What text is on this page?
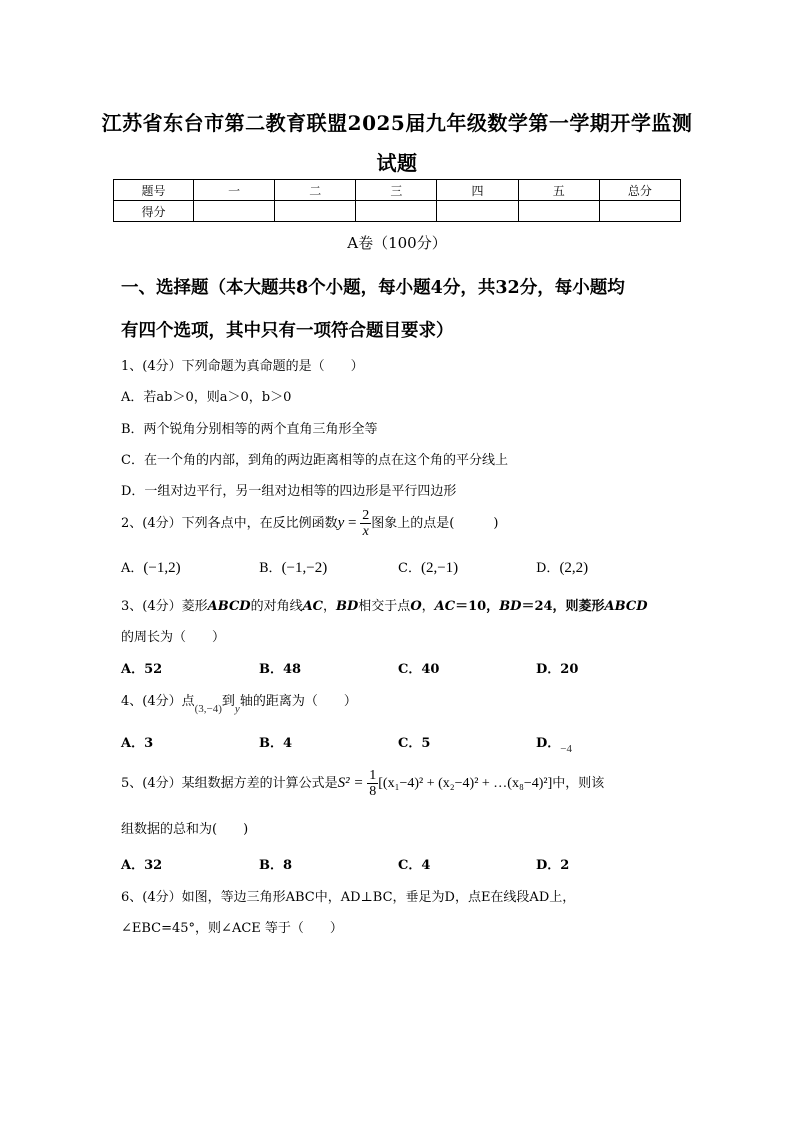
江苏省东台市第二教育联盟2025届九年级数学第一学期开学监测
试题
题号	一	二	三	四	五	总分
得分						
A卷（100分）
一、选择题（本大题共8个小题，每小题4分，共32分，每小题均
有四个选项，其中只有一项符合题目要求）
1、(4分）下列命题为真命题的是（　　）
A．若ab＞0，则a＞0，b＞0
B．两个锐角分别相等的两个直角三角形全等
C．在一个角的内部，到角的两边距离相等的点在这个角的平分线上
D．一组对边平行，另一组对边相等的四边形是平行四边形
2、(4分）下列各点中，在反比例函数$y = \frac{2}{x}$ 图象上的点是(　　　)
A．(−1,2)	B．(−1,−2)	C．(2,−1)	D．(2,2)
3、(4分）菱形ABCD的对角线AC，BD相交于点O，AC＝10，BD＝24，则菱形ABCD
的周长为（　　）
A．52	B．48	C．40	D．20
4、(4分）点$_{(3,-4)}$到$_y$轴的距离为（　　）
A．3	B．4	C．5	D．$_{-4}$
5、(4分）某组数据方差的计算公式是$S^2 = \frac{1}{8} [(x_1-4)^2 + (x_2-4)^2$ + …(x₈−4)²]中，则该
组数据的总和为(　　)
A．32	B．8	C．4	D．2
6、(4分）如图，等边三角形ABC中，AD⊥BC，垂足为D，点E在线段AD上，
∠EBC=45°，则∠ACE 等于（　　）
